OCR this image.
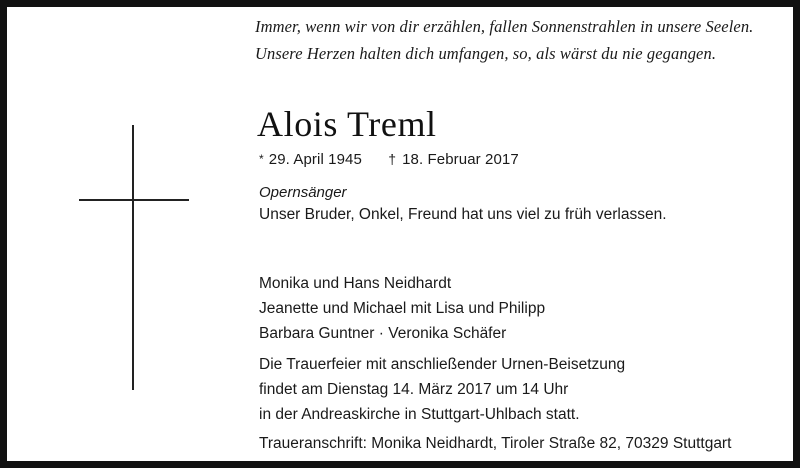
Immer, wenn wir von dir erzählen, fallen Sonnenstrahlen in unsere Seelen.
Unsere Herzen halten dich umfangen, so, als wärst du nie gegangen.
Alois Treml
* 29. April 1945 † 18. Februar 2017
Opernsänger
Unser Bruder, Onkel, Freund hat uns viel zu früh verlassen.
Monika und Hans Neidhardt
Jeanette und Michael mit Lisa und Philipp
Barbara Guntner · Veronika Schäfer
Die Trauerfeier mit anschließender Urnen-Beisetzung
findet am Dienstag 14. März 2017 um 14 Uhr
in der Andreaskirche in Stuttgart-Uhlbach statt.
Traueranschrift: Monika Neidhardt, Tiroler Straße 82, 70329 Stuttgart
